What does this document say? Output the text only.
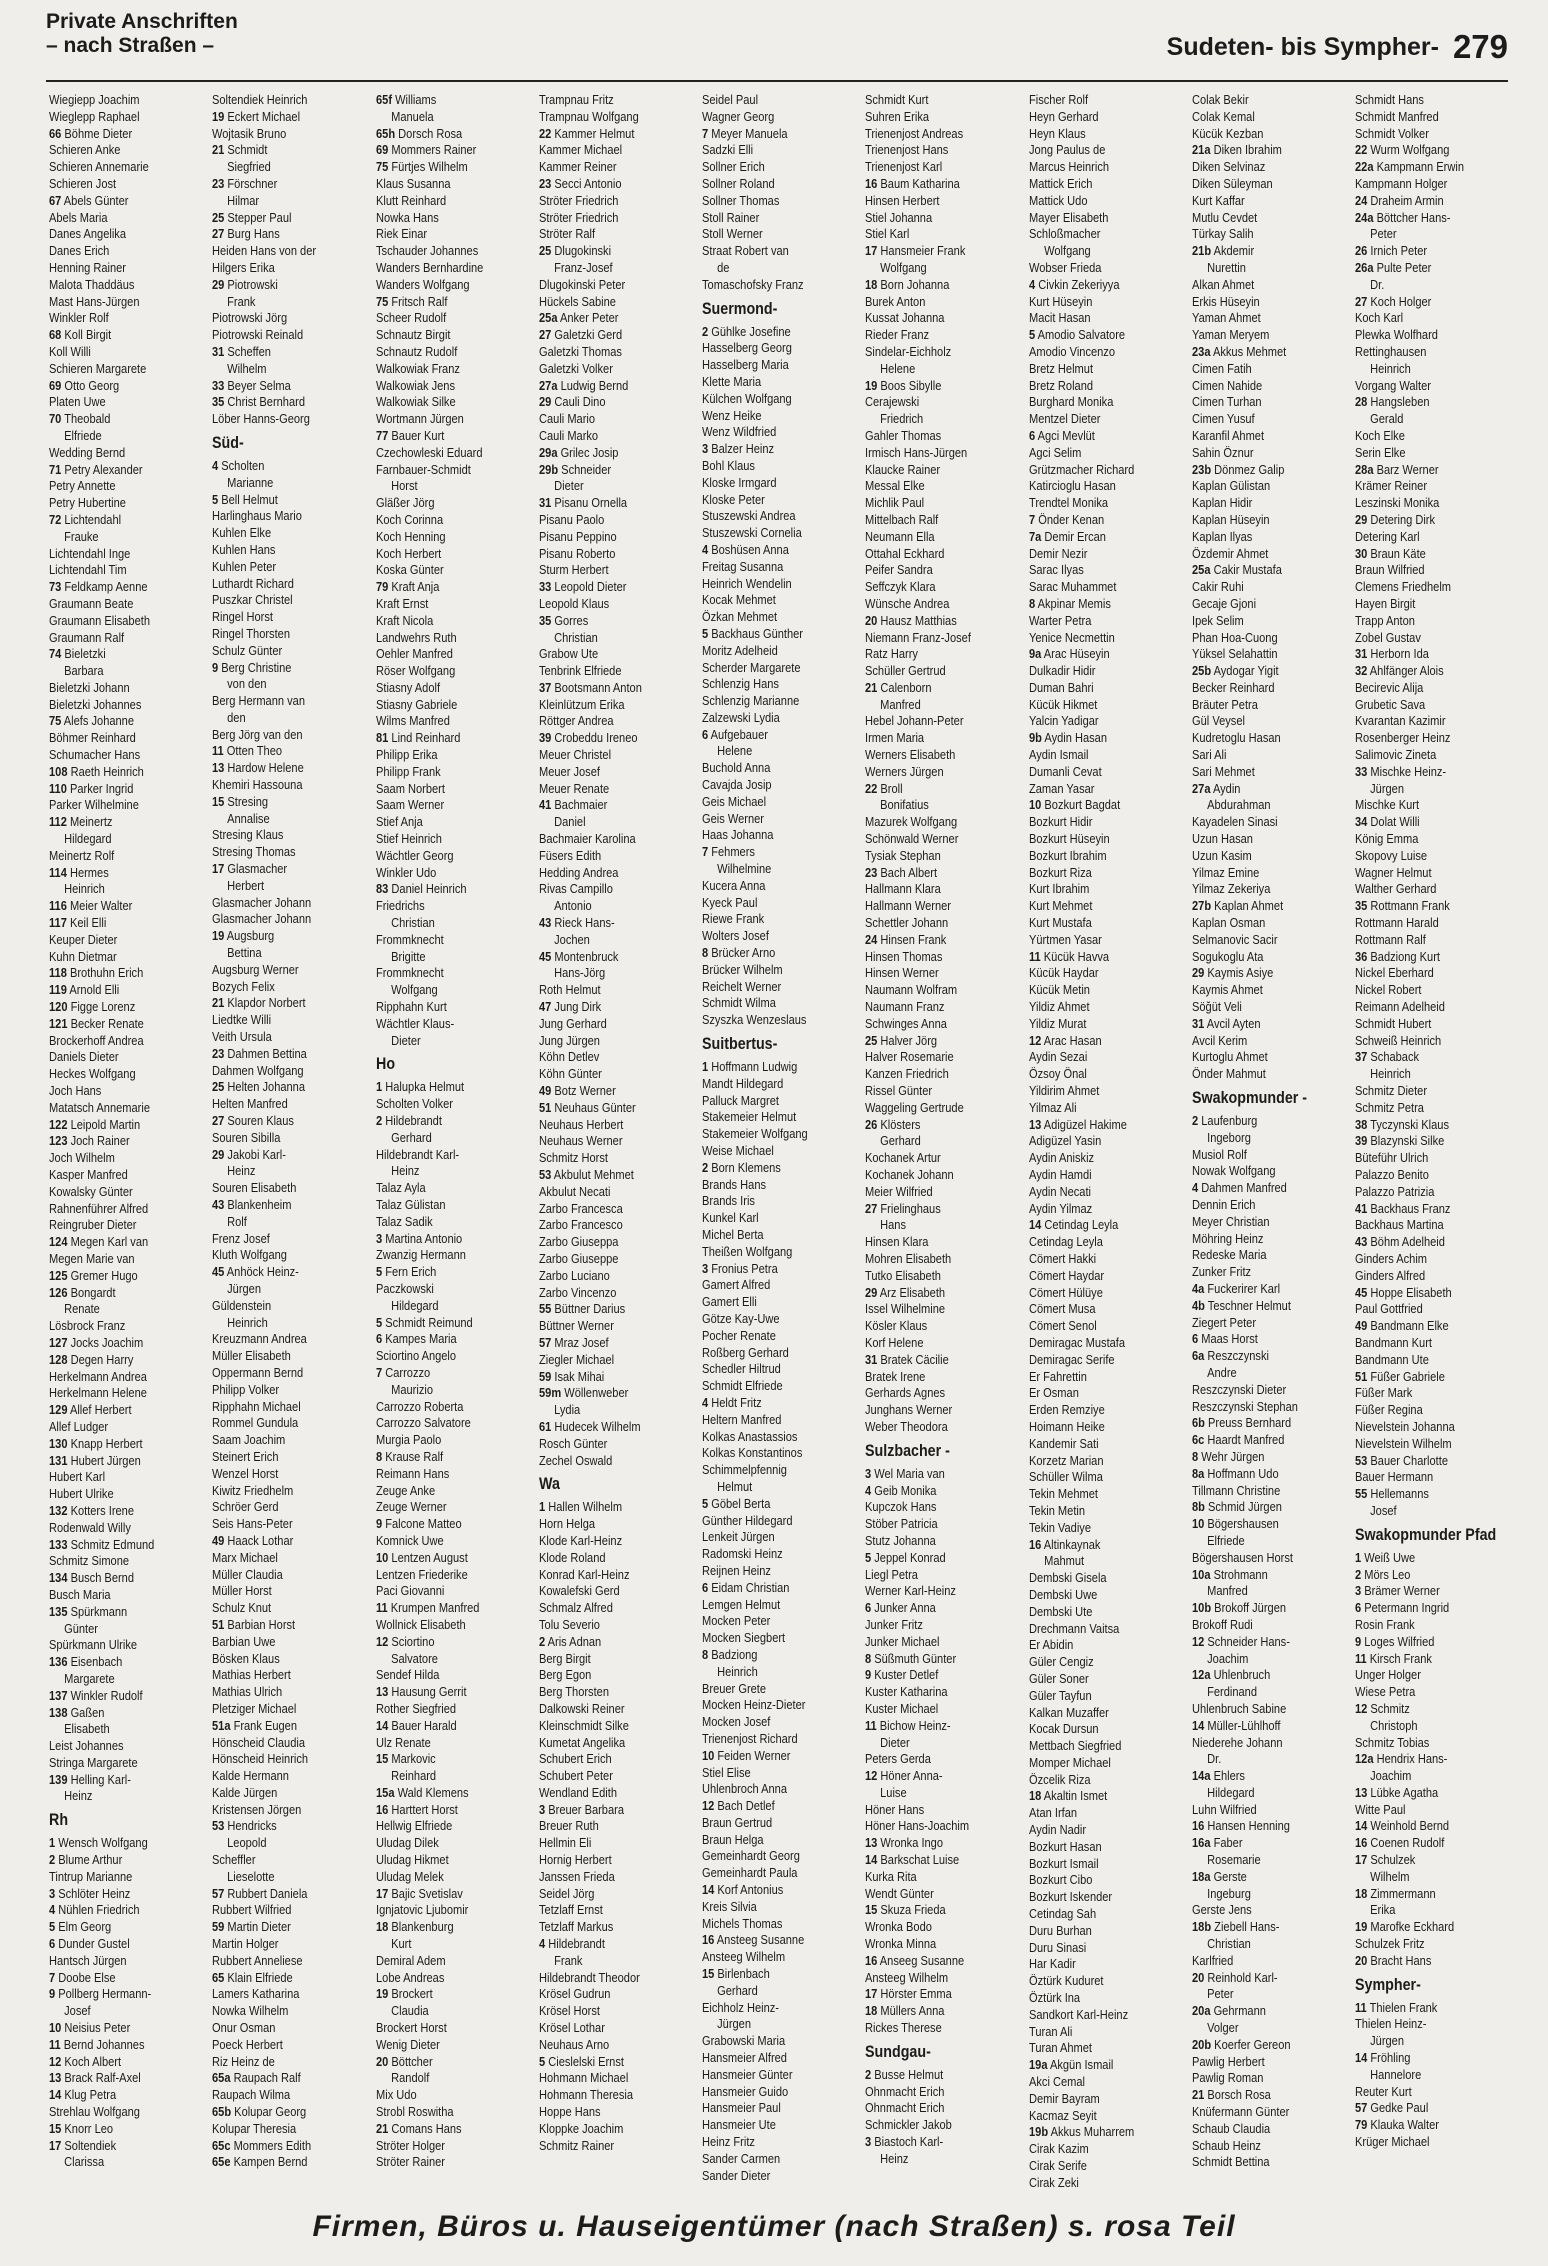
Private Anschriften
– nach Straßen –	Sudeten- bis Sympher- 279
Wiegiepp Joachim
Wieglepp Raphael
66 Böhme Dieter
Schieren Anke
Schieren Annemarie
Schieren Jost
67 Abels Günter
Abels Maria
Danes Angelika
Danes Erich
Henning Rainer
Malota Thaddäus
Mast Hans-Jürgen
Winkler Rolf
68 Koll Birgit
Koll Willi
Schieren Margarete
69 Otto Georg
Platen Uwe
70 Theobald
Elfriede
Wedding Bernd
71 Petry Alexander
Petry Annette
Petry Hubertine
72 Lichtendahl
Frauke
Lichtendahl Inge
Lichtendahl Tim
73 Feldkamp Aenne
Graumann Beate
Graumann Elisabeth
Graumann Ralf
74 Bieletzki
Barbara
Bieletzki Johann
Bieletzki Johannes
75 Alefs Johanne
Böhmer Reinhard
Schumacher Hans
108 Raeth Heinrich
110 Parker Ingrid
Parker Wilhelmine
112 Meinertz
Hildegard
Meinertz Rolf
114 Hermes
Heinrich
116 Meier Walter
117 Keil Elli
Keuper Dieter
Kuhn Dietmar
118 Brothuhn Erich
119 Arnold Elli
120 Figge Lorenz
121 Becker Renate
Brockerhoff Andrea
Daniels Dieter
Heckes Wolfgang
Joch Hans
Matatsch Annemarie
122 Leipold Martin
123 Joch Rainer
Joch Wilhelm
Kasper Manfred
Kowalsky Günter
Rahnenführer Alfred
Reingruber Dieter
124 Megen Karl van
Megen Marie van
125 Gremer Hugo
126 Bongardt
Renate
Lösbrock Franz
127 Jocks Joachim
128 Degen Harry
Herkelmann Andrea
Herkelmann Helene
129 Allef Herbert
Allef Ludger
130 Knapp Herbert
131 Hubert Jürgen
Hubert Karl
Hubert Ulrike
132 Kotters Irene
Rodenwald Willy
133 Schmitz Edmund
Schmitz Simone
134 Busch Bernd
Busch Maria
135 Spürkmann
Günter
Spürkmann Ulrike
136 Eisenbach
Margarete
137 Winkler Rudolf
138 Gaßen
Elisabeth
Leist Johannes
Stringa Margarete
139 Helling Karl-
Heinz
Rh
1 Wensch Wolfgang
2 Blume Arthur
Tintrup Marianne
3 Schlöter Heinz
4 Nühlen Friedrich
5 Elm Georg
6 Dunder Gustel
Hantsch Jürgen
7 Doobe Else
9 Pollberg Hermann-
Josef
10 Neisius Peter
11 Bernd Johannes
12 Koch Albert
13 Brack Ralf-Axel
14 Klug Petra
Strehlau Wolfgang
15 Knorr Leo
17 Soltendiek
Clarissa
Soltendiek Heinrich
19 Eckert Michael
Wojtasik Bruno
21 Schmidt
Siegfried
23 Förschner
Hilmar
25 Stepper Paul
27 Burg Hans
Heiden Hans von der
Hilgers Erika
29 Piotrowski
Frank
Piotrowski Jörg
Piotrowski Reinald
31 Scheffen
Wilhelm
33 Beyer Selma
35 Christ Bernhard
Löber Hanns-Georg
Süd-
4 Scholten
Marianne
5 Bell Helmut
Harlinghaus Mario
Kuhlen Elke
Kuhlen Hans
Kuhlen Peter
Luthardt Richard
Puszkar Christel
Ringel Horst
Ringel Thorsten
Schulz Günter
9 Berg Christine
von den
Berg Hermann van
den
Berg Jörg van den
11 Otten Theo
13 Hardow Helene
Khemiri Hassouna
15 Stresing
Annalise
Stresing Klaus
Stresing Thomas
17 Glasmacher
Herbert
Glasmacher Johann
Glasmacher Johann
19 Augsburg
Bettina
Augsburg Werner
Bozych Felix
21 Klapdor Norbert
Liedtke Willi
Veith Ursula
23 Dahmen Bettina
Dahmen Wolfgang
25 Helten Johanna
Helten Manfred
27 Souren Klaus
Souren Sibilla
29 Jakobi Karl-
Heinz
Souren Elisabeth
43 Blankenheim
Rolf
Frenz Josef
Kluth Wolfgang
45 Anhöck Heinz-
Jürgen
Güldenstein
Heinrich
Kreuzmann Andrea
Müller Elisabeth
Oppermann Bernd
Philipp Volker
Ripphahn Michael
Rommel Gundula
Saam Joachim
Steinert Erich
Wenzel Horst
Kiwitz Friedhelm
Schröer Gerd
Seis Hans-Peter
49 Haack Lothar
Marx Michael
Müller Claudia
Müller Horst
Schulz Knut
51 Barbian Horst
Barbian Uwe
Bösken Klaus
Mathias Herbert
Mathias Ulrich
Pletziger Michael
51a Frank Eugen
Hönscheid Claudia
Hönscheid Heinrich
Kalde Hermann
Kalde Jürgen
Kristensen Jörgen
53 Hendricks
Leopold
Scheffler
Lieselotte
57 Rubbert Daniela
Rubbert Wilfried
59 Martin Dieter
Martin Holger
Rubbert Anneliese
65 Klain Elfriede
Lamers Katharina
Nowka Wilhelm
Onur Osman
Poeck Herbert
Riz Heinz de
65a Raupach Ralf
Raupach Wilma
65b Kolupar Georg
Kolupar Theresia
65c Mommers Edith
65e Kampen Bernd
65f Williams
Manuela
65h Dorsch Rosa
69 Mommers Rainer
75 Fürtjes Wilhelm
Klaus Susanna
Klutt Reinhard
Nowka Hans
Riek Einar
Tschauder Johannes
Wanders Bernhardine
Wanders Wolfgang
75 Fritsch Ralf
Scheer Rudolf
Schnautz Birgit
Schnautz Rudolf
Walkowiak Franz
Walkowiak Jens
Walkowiak Silke
Wortmann Jürgen
77 Bauer Kurt
Czechowleski Eduard
Farnbauer-Schmidt
Horst
Gläßer Jörg
Koch Corinna
Koch Henning
Koch Herbert
Koska Günter
79 Kraft Anja
Kraft Ernst
Kraft Nicola
Landwehrs Ruth
Oehler Manfred
Röser Wolfgang
Stiasny Adolf
Stiasny Gabriele
Wilms Manfred
81 Lind Reinhard
Philipp Erika
Philipp Frank
Saam Norbert
Saam Werner
Stief Anja
Stief Heinrich
Wächtler Georg
Winkler Udo
83 Daniel Heinrich
Friedrichs
Christian
Frommknecht
Brigitte
Frommknecht
Wolfgang
Ripphahn Kurt
Wächtler Klaus-
Dieter
Ho
1 Halupka Helmut
Scholten Volker
2 Hildebrandt
Gerhard
Hildebrandt Karl-
Heinz
Talaz Ayla
Talaz Gülistan
Talaz Sadik
3 Martina Antonio
Zwanzig Hermann
5 Fern Erich
Paczkowski
Hildegard
5 Schmidt Reimund
6 Kampes Maria
Sciortino Angelo
7 Carrozzo
Maurizio
Carrozzo Roberta
Carrozzo Salvatore
Murgia Paolo
8 Krause Ralf
Reimann Hans
Zeuge Anke
Zeuge Werner
9 Falcone Matteo
Komnick Uwe
10 Lentzen August
Lentzen Friederike
Paci Giovanni
11 Krumpen Manfred
Wollnick Elisabeth
12 Sciortino
Salvatore
Sendef Hilda
13 Hausung Gerrit
Rother Siegfried
14 Bauer Harald
Ulz Renate
15 Markovic
Reinhard
15a Wald Klemens
16 Harttert Horst
Hellwig Elfriede
Uludag Dilek
Uludag Hikmet
Uludag Melek
17 Bajic Svetislav
Ignjatovic Ljubomir
18 Blankenburg
Kurt
Demiral Adem
Lobe Andreas
19 Brockert
Claudia
Brockert Horst
Wenig Dieter
20 Böttcher
Randolf
Mix Udo
Strobl Roswitha
21 Comans Hans
Ströter Holger
Ströter Rainer
Trampnau Fritz
Trampnau Wolfgang
22 Kammer Helmut
Kammer Michael
Kammer Reiner
23 Secci Antonio
Ströter Friedrich
Ströter Friedrich
Ströter Ralf
25 Dlugokinski
Franz-Josef
Dlugokinski Peter
Hückels Sabine
25a Anker Peter
27 Galetzki Gerd
Galetzki Thomas
Galetzki Volker
27a Ludwig Bernd
29 Cauli Dino
Cauli Mario
Cauli Marko
29a Grilec Josip
29b Schneider
Dieter
31 Pisanu Ornella
Pisanu Paolo
Pisanu Peppino
Pisanu Roberto
Sturm Herbert
33 Leopold Dieter
Leopold Klaus
35 Gorres
Christian
Grabow Ute
Tenbrink Elfriede
37 Bootsmann Anton
Kleinlützum Erika
Röttger Andrea
39 Crobeddu Ireneo
Meuer Christel
Meuer Josef
Meuer Renate
41 Bachmaier
Daniel
Bachmaier Karolina
Füsers Edith
Hedding Andrea
Rivas Campillo
Antonio
43 Rieck Hans-
Jochen
45 Montenbruck
Hans-Jörg
Roth Helmut
47 Jung Dirk
Jung Gerhard
Jung Jürgen
Köhn Detlev
Köhn Günter
49 Botz Werner
51 Neuhaus Günter
Neuhaus Herbert
Neuhaus Werner
Schmitz Horst
53 Akbulut Mehmet
Akbulut Necati
Zarbo Francesca
Zarbo Francesco
Zarbo Giuseppa
Zarbo Giuseppe
Zarbo Luciano
Zarbo Vincenzo
55 Büttner Darius
Büttner Werner
57 Mraz Josef
Ziegler Michael
59 Isak Mihai
59m Wöllenweber
Lydia
61 Hudecek Wilhelm
Rosch Günter
Zechel Oswald
Wa
1 Hallen Wilhelm
Horn Helga
Klode Karl-Heinz
Klode Roland
Konrad Karl-Heinz
Kowalefski Gerd
Schmalz Alfred
Tolu Severio
2 Aris Adnan
Berg Birgit
Berg Egon
Berg Thorsten
Dalkowski Reiner
Kleinschmidt Silke
Kumetat Angelika
Schubert Erich
Schubert Peter
Wendland Edith
3 Breuer Barbara
Breuer Ruth
Hellmin Eli
Hornig Herbert
Janssen Frieda
Seidel Jörg
Tetzlaff Ernst
Tetzlaff Markus
4 Hildebrandt
Frank
Hildebrandt Theodor
Krösel Gudrun
Krösel Horst
Krösel Lothar
Neuhaus Arno
5 Cieslelski Ernst
Hohmann Michael
Hohmann Theresia
Hoppe Hans
Kloppke Joachim
Schmitz Rainer
Seidel Paul
Wagner Georg
7 Meyer Manuela
Sadzki Elli
Sollner Erich
Sollner Roland
Sollner Thomas
Stoll Rainer
Stoll Werner
Straat Robert van
de
Tomaschofsky Franz
Suermond-
2 Gühlke Josefine
Hasselberg Georg
Hasselberg Maria
Klette Maria
Külchen Wolfgang
Wenz Heike
Wenz Wildfried
3 Balzer Heinz
Bohl Klaus
Kloske Irmgard
Kloske Peter
Stuszewski Andrea
Stuszewski Cornelia
4 Boshüsen Anna
Freitag Susanna
Heinrich Wendelin
Kocak Mehmet
Özkan Mehmet
5 Backhaus Günther
Moritz Adelheid
Scherder Margarete
Schlenzig Hans
Schlenzig Marianne
Zalzewski Lydia
6 Aufgebauer
Helene
Buchold Anna
Cavajda Josip
Geis Michael
Geis Werner
Haas Johanna
7 Fehmers
Wilhelmine
Kucera Anna
Kyeck Paul
Riewe Frank
Wolters Josef
8 Brücker Arno
Brücker Wilhelm
Reichelt Werner
Schmidt Wilma
Szyszka Wenzeslaus
Suitbertus-
1 Hoffmann Ludwig
Mandt Hildegard
Palluck Margret
Stakemeier Helmut
Stakemeier Wolfgang
Weise Michael
2 Born Klemens
Brands Hans
Brands Iris
Kunkel Karl
Michel Berta
Theißen Wolfgang
3 Fronius Petra
Gamert Alfred
Gamert Elli
Götze Kay-Uwe
Pocher Renate
Roßberg Gerhard
Schedler Hiltrud
Schmidt Elfriede
4 Heldt Fritz
Heltern Manfred
Kolkas Anastassios
Kolkas Konstantinos
Schimmelpfennig
Helmut
5 Göbel Berta
Günther Hildegard
Lenkeit Jürgen
Radomski Heinz
Reijnen Heinz
6 Eidam Christian
Lemgen Helmut
Mocken Peter
Mocken Siegbert
8 Badziong
Heinrich
Breuer Grete
Mocken Heinz-Dieter
Mocken Josef
Trienenjost Richard
10 Feiden Werner
Stiel Elise
Uhlenbroch Anna
12 Bach Detlef
Braun Gertrud
Braun Helga
Gemeinhardt Georg
Gemeinhardt Paula
14 Korf Antonius
Kreis Silvia
Michels Thomas
16 Ansteeg Susanne
Ansteeg Wilhelm
15 Birlenbach
Gerhard
Eichholz Heinz-
Jürgen
Grabowski Maria
Hansmeier Alfred
Hansmeier Günter
Hansmeier Guido
Hansmeier Paul
Hansmeier Ute
Heinz Fritz
Sander Carmen
Sander Dieter
Schmidt Kurt
Suhren Erika
Trienenjost Andreas
Trienenjost Hans
Trienenjost Karl
16 Baum Katharina
Hinsen Herbert
Stiel Johanna
Stiel Karl
17 Hansmeier Frank
Wolfgang
18 Born Johanna
Burek Anton
Kussat Johanna
Rieder Franz
Sindelar-Eichholz
Helene
19 Boos Sibylle
Cerajewski
Friedrich
Gahler Thomas
Irmisch Hans-Jürgen
Klaucke Rainer
Messal Elke
Michlik Paul
Mittelbach Ralf
Neumann Ella
Ottahal Eckhard
Peifer Sandra
Seffczyk Klara
Wünsche Andrea
20 Hausz Matthias
Niemann Franz-Josef
Ratz Harry
Schüller Gertrud
21 Calenborn
Manfred
Hebel Johann-Peter
Irmen Maria
Werners Elisabeth
Werners Jürgen
22 Broll
Bonifatius
Mazurek Wolfgang
Schönwald Werner
Tysiak Stephan
23 Bach Albert
Hallmann Klara
Hallmann Werner
Schettler Johann
24 Hinsen Frank
Hinsen Thomas
Hinsen Werner
Naumann Wolfram
Naumann Franz
Schwinges Anna
25 Halver Jörg
Halver Rosemarie
Kanzen Friedrich
Rissel Günter
Waggeling Gertrude
26 Klösters
Gerhard
Kochanek Artur
Kochanek Johann
Meier Wilfried
27 Frielinghaus
Hans
Hinsen Klara
Mohren Elisabeth
Tutko Elisabeth
29 Arz Elisabeth
Issel Wilhelmine
Kösler Klaus
Korf Helene
31 Bratek Cäcilie
Bratek Irene
Gerhards Agnes
Junghans Werner
Weber Theodora
Sulzbacher -
3 Wel Maria van
4 Geib Monika
Kupczok Hans
Stöber Patricia
Stutz Johanna
5 Jeppel Konrad
Liegl Petra
Werner Karl-Heinz
6 Junker Anna
Junker Fritz
Junker Michael
8 Süßmuth Günter
9 Kuster Detlef
Kuster Katharina
Kuster Michael
11 Bichow Heinz-
Dieter
Peters Gerda
12 Höner Anna-
Luise
Höner Hans
Höner Hans-Joachim
13 Wronka Ingo
14 Barkschat Luise
Kurka Rita
Wendt Günter
15 Skuza Frieda
Wronka Bodo
Wronka Minna
16 Anseeg Susanne
Ansteeg Wilhelm
17 Hörster Emma
18 Müllers Anna
Rickes Therese
Sundgau-
2 Busse Helmut
Ohnmacht Erich
Ohnmacht Erich
Schmickler Jakob
3 Biastoch Karl-
Heinz
Fischer Rolf
Heyn Gerhard
Heyn Klaus
Jong Paulus de
Marcus Heinrich
Mattick Erich
Mattick Udo
Mayer Elisabeth
Schloßmacher
Wolfgang
Wobser Frieda
4 Civkin Zekeriyya
Kurt Hüseyin
Macit Hasan
5 Amodio Salvatore
Amodio Vincenzo
Bretz Helmut
Bretz Roland
Burghard Monika
Mentzel Dieter
6 Agci Mevlüt
Agci Selim
Grützmacher Richard
Katircioglu Hasan
Trendtel Monika
7 Önder Kenan
7a Demir Ercan
Demir Nezir
Sarac Ilyas
Sarac Muhammet
8 Akpinar Memis
Warter Petra
Yenice Necmettin
9a Arac Hüseyin
Dulkadir Hidir
Duman Bahri
Kücük Hikmet
Yalcin Yadigar
9b Aydin Hasan
Aydin Ismail
Dumanli Cevat
Zaman Yasar
10 Bozkurt Bagdat
Bozkurt Hidir
Bozkurt Hüseyin
Bozkurt Ibrahim
Bozkurt Riza
Kurt Ibrahim
Kurt Mehmet
Kurt Mustafa
Yürtmen Yasar
11 Kücük Havva
Kücük Haydar
Kücük Metin
Yildiz Ahmet
Yildiz Murat
12 Arac Hasan
Aydin Sezai
Özsoy Önal
Yildirim Ahmet
Yilmaz Ali
13 Adigüzel Hakime
Adigüzel Yasin
Aydin Aniskiz
Aydin Hamdi
Aydin Necati
Aydin Yilmaz
14 Cetindag Leyla
Cetindag Leyla
Cömert Hakki
Cömert Haydar
Cömert Hülüye
Cömert Musa
Cömert Senol
Demiragac Mustafa
Demiragac Serife
Er Fahrettin
Er Osman
Erden Remziye
Hoimann Heike
Kandemir Sati
Korzetz Marian
Schüller Wilma
Tekin Mehmet
Tekin Metin
Tekin Vadiye
16 Altinkaynak
Mahmut
Dembski Gisela
Dembski Uwe
Dembski Ute
Drechmann Vaitsa
Er Abidin
Güler Cengiz
Güler Soner
Güler Tayfun
Kalkan Muzaffer
Kocak Dursun
Mettbach Siegfried
Momper Michael
Özcelik Riza
18 Akaltin Ismet
Atan Irfan
Aydin Nadir
Bozkurt Hasan
Bozkurt Ismail
Bozkurt Cibo
Bozkurt Iskender
Cetindag Sah
Duru Burhan
Duru Sinasi
Har Kadir
Öztürk Kuduret
Öztürk Ina
Sandkort Karl-Heinz
Turan Ali
Turan Ahmet
19a Akgün Ismail
Akci Cemal
Demir Bayram
Kacmaz Seyit
19b Akkus Muharrem
Cirak Kazim
Cirak Serife
Cirak Zeki
Colak Bekir
Colak Kemal
Kücük Kezban
21a Diken Ibrahim
Diken Selvinaz
Diken Süleyman
Kurt Kaffar
Mutlu Cevdet
Türkay Salih
21b Akdemir
Nurettin
Alkan Ahmet
Erkis Hüseyin
Yaman Ahmet
Yaman Meryem
23a Akkus Mehmet
Cimen Fatih
Cimen Nahide
Cimen Turhan
Cimen Yusuf
Karanfil Ahmet
Sahin Öznur
23b Dönmez Galip
Kaplan Gülistan
Kaplan Hidir
Kaplan Hüseyin
Kaplan Ilyas
Özdemir Ahmet
25a Cakir Mustafa
Cakir Ruhi
Gecaje Gjoni
Ipek Selim
Phan Hoa-Cuong
Yüksel Selahattin
25b Aydogar Yigit
Becker Reinhard
Bräuter Petra
Gül Veysel
Kudretoglu Hasan
Sari Ali
Sari Mehmet
27a Aydin
Abdurahman
Kayadelen Sinasi
Uzun Hasan
Uzun Kasim
Yilmaz Emine
Yilmaz Zekeriya
27b Kaplan Ahmet
Kaplan Osman
Selmanovic Sacir
Sogukoglu Ata
29 Kaymis Asiye
Kaymis Ahmet
Söğüt Veli
31 Avcil Ayten
Avcil Kerim
Kurtoglu Ahmet
Önder Mahmut
Swakopmunder -
2 Laufenburg
Ingeborg
Musiol Rolf
Nowak Wolfgang
4 Dahmen Manfred
Dennin Erich
Meyer Christian
Möhring Heinz
Redeske Maria
Zunker Fritz
4a Fuckerirer Karl
4b Teschner Helmut
Ziegert Peter
6 Maas Horst
6a Reszczynski
Andre
Reszczynski Dieter
Reszczynski Stephan
6b Preuss Bernhard
6c Haardt Manfred
8 Wehr Jürgen
8a Hoffmann Udo
Tillmann Christine
8b Schmid Jürgen
10 Bögershausen
Elfriede
Bögershausen Horst
10a Strohmann
Manfred
10b Brokoff Jürgen
Brokoff Rudi
12 Schneider Hans-
Joachim
12a Uhlenbruch
Ferdinand
Uhlenbruch Sabine
14 Müller-Lühlhoff
Niederehe Johann
Dr.
14a Ehlers
Hildegard
Luhn Wilfried
16 Hansen Henning
16a Faber
Rosemarie
18a Gerste
Ingeburg
Gerste Jens
18b Ziebell Hans-
Christian
Karlfried
20 Reinhold Karl-
Peter
20a Gehrmann
Volger
20b Koerfer Gereon
Pawlig Herbert
Pawlig Roman
21 Borsch Rosa
Knüfermann Günter
Schaub Claudia
Schaub Heinz
Schmidt Bettina
Schmidt Hans
Schmidt Manfred
Schmidt Volker
22 Wurm Wolfgang
22a Kampmann Erwin
Kampmann Holger
24 Draheim Armin
24a Böttcher Hans-
Peter
26 Irnich Peter
26a Pulte Peter
Dr.
27 Koch Holger
Koch Karl
Plewka Wolfhard
Rettinghausen
Heinrich
Vorgang Walter
28 Hangsleben
Gerald
Koch Elke
Serin Elke
28a Barz Werner
Krämer Reiner
Leszinski Monika
29 Detering Dirk
Detering Karl
30 Braun Käte
Braun Wilfried
Clemens Friedhelm
Hayen Birgit
Trapp Anton
Zobel Gustav
31 Herborn Ida
32 Ahlfänger Alois
Becirevic Alija
Grubetic Sava
Kvarantan Kazimir
Rosenberger Heinz
Salimovic Zineta
33 Mischke Heinz-
Jürgen
Mischke Kurt
34 Dolat Willi
König Emma
Skopovy Luise
Wagner Helmut
Walther Gerhard
35 Rottmann Frank
Rottmann Harald
Rottmann Ralf
36 Badziong Kurt
Nickel Eberhard
Nickel Robert
Reimann Adelheid
Schmidt Hubert
Schweiß Heinrich
37 Schaback
Heinrich
Schmitz Dieter
Schmitz Petra
38 Tyczynski Klaus
39 Blazynski Silke
Büteführ Ulrich
Palazzo Benito
Palazzo Patrizia
41 Backhaus Franz
Backhaus Martina
43 Böhm Adelheid
Ginders Achim
Ginders Alfred
45 Hoppe Elisabeth
Paul Gottfried
49 Bandmann Elke
Bandmann Kurt
Bandmann Ute
51 Füßer Gabriele
Füßer Mark
Füßer Regina
Nievelstein Johanna
Nievelstein Wilhelm
53 Bauer Charlotte
Bauer Hermann
55 Hellemanns
Josef
Swakopmunder Pfad
1 Weiß Uwe
2 Mörs Leo
3 Brämer Werner
6 Petermann Ingrid
Rosin Frank
9 Loges Wilfried
11 Kirsch Frank
Unger Holger
Wiese Petra
12 Schmitz
Christoph
Schmitz Tobias
12a Hendrix Hans-
Joachim
13 Lübke Agatha
Witte Paul
14 Weinhold Bernd
16 Coenen Rudolf
17 Schulzek
Wilhelm
18 Zimmermann
Erika
19 Marofke Eckhard
Schulzek Fritz
20 Bracht Hans
Sympher-
11 Thielen Frank
Thielen Heinz-
Jürgen
14 Fröhling
Hannelore
Reuter Kurt
57 Gedke Paul
79 Klauka Walter
Krüger Michael
Firmen, Büros u. Hauseigentümer (nach Straßen) s. rosa Teil
